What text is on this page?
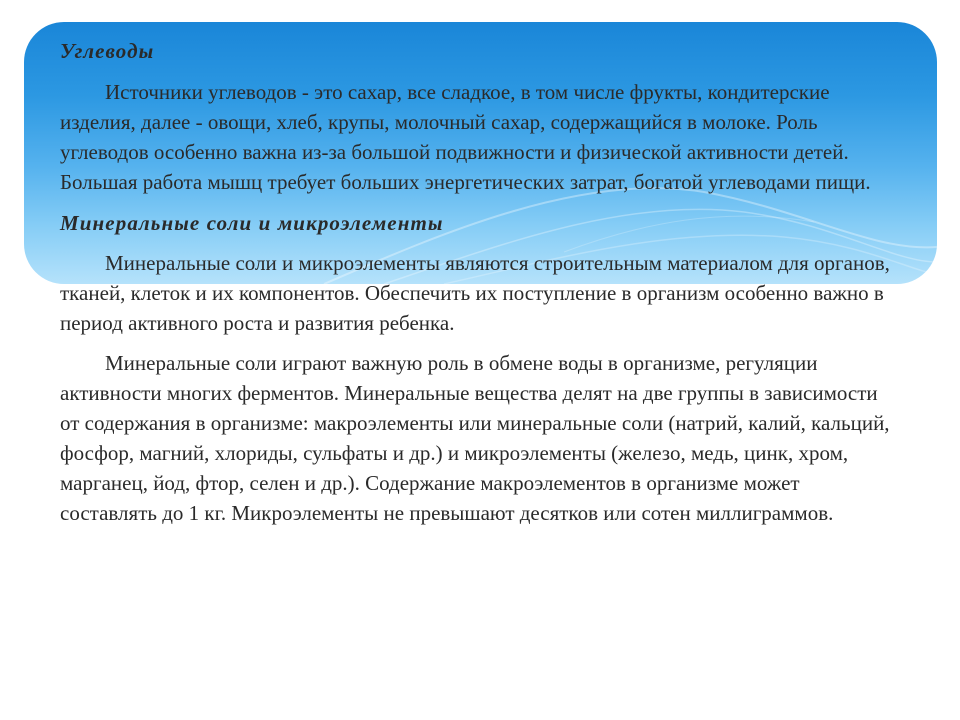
Углеводы

Источники углеводов - это сахар, все сладкое, в том числе фрукты, кондитерские изделия, далее - овощи, хлеб, крупы, молочный сахар, содержащийся в молоке. Роль углеводов особенно важна из-за большой подвижности и физической активности детей. Большая работа мышц требует больших энергетических затрат, богатой углеводами пищи.

Минеральные соли и микроэлементы

Минеральные соли и микроэлементы являются строительным материалом для органов, тканей, клеток и их компонентов. Обеспечить их поступление в организм особенно важно в период активного роста и развития ребенка.

Минеральные соли играют важную роль в обмене воды в организме, регуляции активности многих ферментов. Минеральные вещества делят на две группы в зависимости от содержания в организме: макроэлементы или минеральные соли (натрий, калий, кальций, фосфор, магний, хлориды, сульфаты и др.) и микроэлементы (железо, медь, цинк, хром, марганец, йод, фтор, селен и др.). Содержание макроэлементов в организме может составлять до 1 кг. Микроэлементы не превышают десятков или сотен миллиграммов.
